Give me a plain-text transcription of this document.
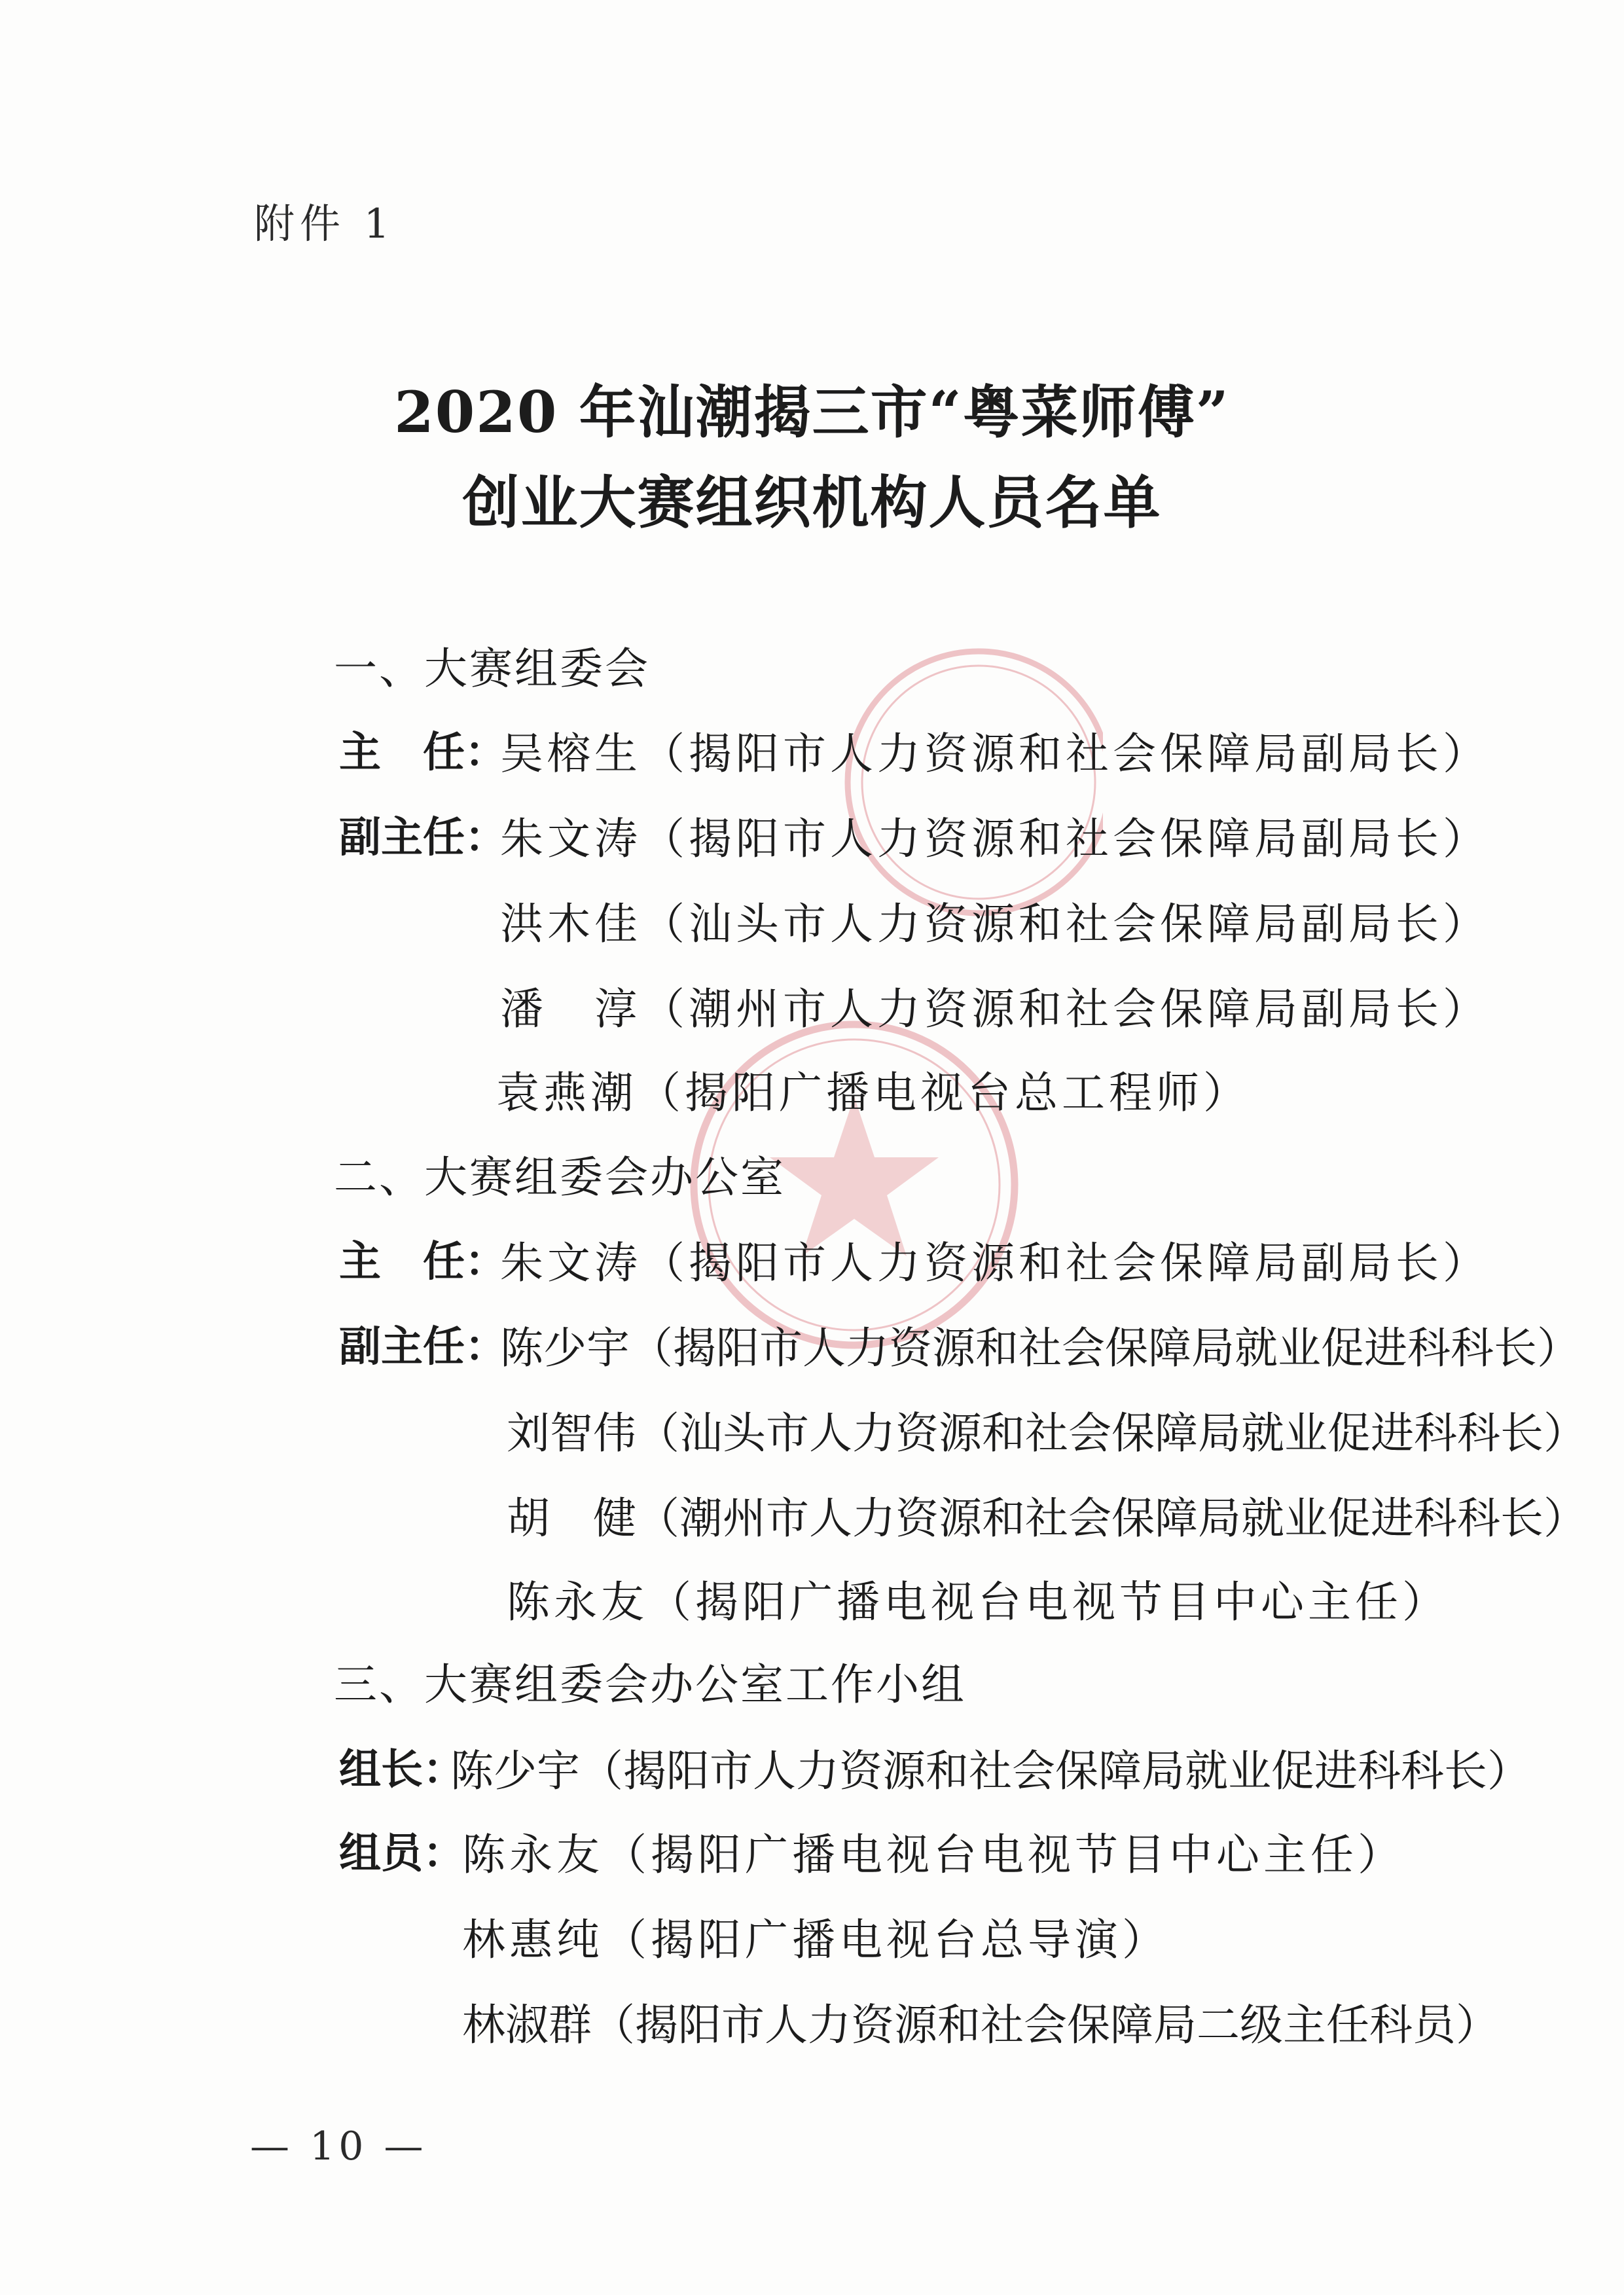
附件 1
2020 年汕潮揭三市“粤菜师傅”
创业大赛组织机构人员名单
一、大赛组委会
主　任：
吴榕生（揭阳市人力资源和社会保障局副局长）
副主任：
朱文涛（揭阳市人力资源和社会保障局副局长）
洪木佳（汕头市人力资源和社会保障局副局长）
潘　淳（潮州市人力资源和社会保障局副局长）
袁燕潮（揭阳广播电视台总工程师）
二、大赛组委会办公室
主　任：
朱文涛（揭阳市人力资源和社会保障局副局长）
副主任：
陈少宇（揭阳市人力资源和社会保障局就业促进科科长）
刘智伟（汕头市人力资源和社会保障局就业促进科科长）
胡　健（潮州市人力资源和社会保障局就业促进科科长）
陈永友（揭阳广播电视台电视节目中心主任）
三、大赛组委会办公室工作小组
组长：
陈少宇（揭阳市人力资源和社会保障局就业促进科科长）
组员：
陈永友（揭阳广播电视台电视节目中心主任）
林惠纯（揭阳广播电视台总导演）
林淑群（揭阳市人力资源和社会保障局二级主任科员）
— 10 —
